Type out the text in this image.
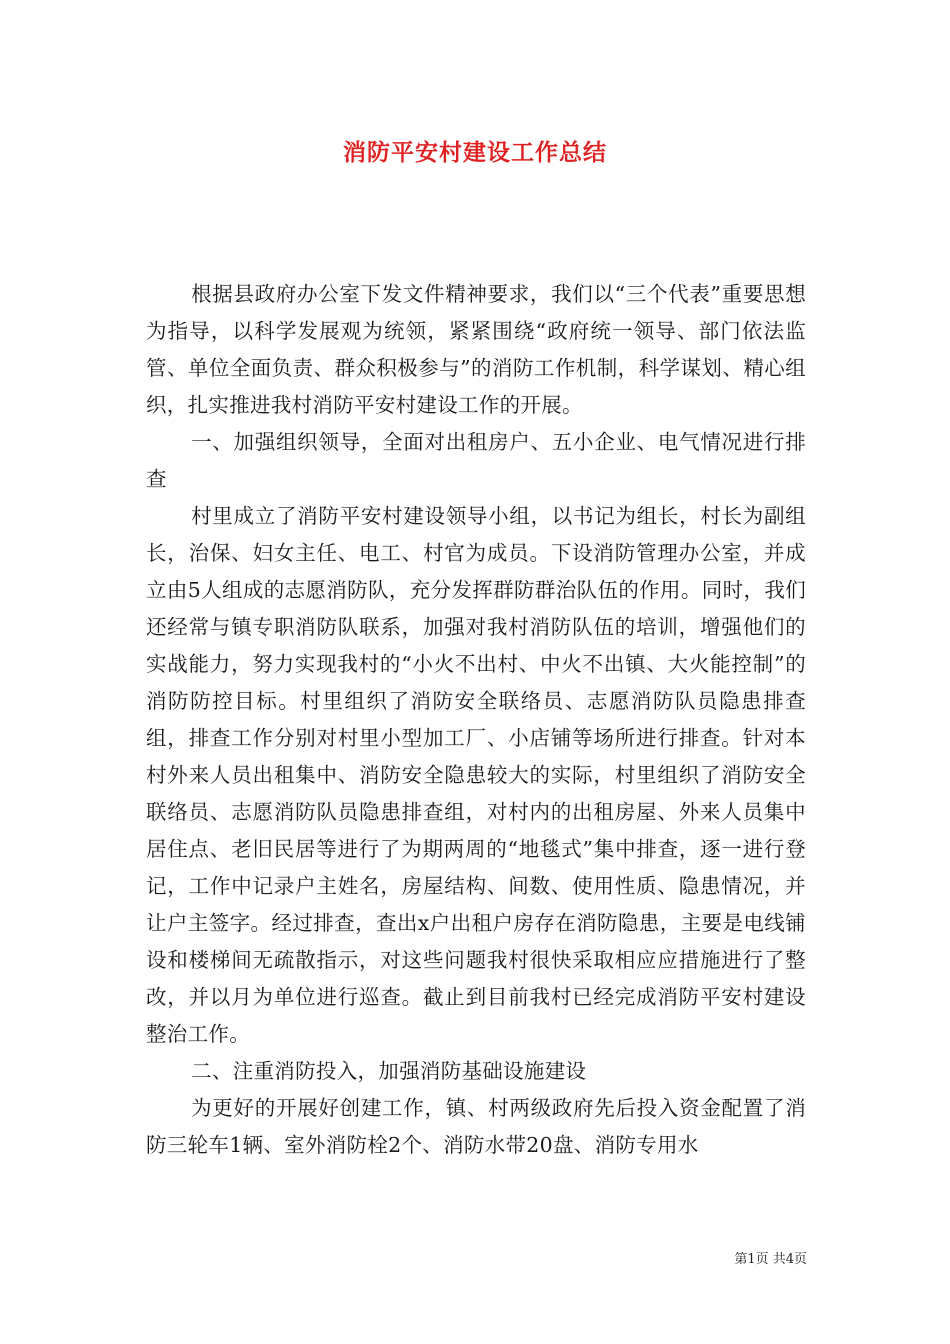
消防平安村建设工作总结

根据县政府办公室下发文件精神要求，我们以“三个代表”重要思想为指导，以科学发展观为统领，紧紧围绕“政府统一领导、部门依法监管、单位全面负责、群众积极参与”的消防工作机制，科学谋划、精心组织，扎实推进我村消防平安村建设工作的开展。

一、加强组织领导，全面对出租房户、五小企业、电气情况进行排查

村里成立了消防平安村建设领导小组，以书记为组长，村长为副组长，治保、妇女主任、电工、村官为成员。下设消防管理办公室，并成立由5人组成的志愿消防队，充分发挥群防群治队伍的作用。同时，我们还经常与镇专职消防队联系，加强对我村消防队伍的培训，增强他们的实战能力，努力实现我村的“小火不出村、中火不出镇、大火能控制”的消防防控目标。村里组织了消防安全联络员、志愿消防队员隐患排查组，排查工作分别对村里小型加工厂、小店铺等场所进行排查。针对本村外来人员出租集中、消防安全隐患较大的实际，村里组织了消防安全联络员、志愿消防队员隐患排查组，对村内的出租房屋、外来人员集中居住点、老旧民居等进行了为期两周的“地毯式”集中排查，逐一进行登记，工作中记录户主姓名，房屋结构、间数、使用性质、隐患情况，并让户主签字。经过排查，查出x户出租户房存在消防隐患，主要是电线铺设和楼梯间无疏散指示，对这些问题我村很快采取相应应措施进行了整改，并以月为单位进行巡查。截止到目前我村已经完成消防平安村建设整治工作。

二、注重消防投入，加强消防基础设施建设

为更好的开展好创建工作，镇、村两级政府先后投入资金配置了消防三轮车1辆、室外消防栓2个、消防水带20盘、消防专用水

第1页 共4页
